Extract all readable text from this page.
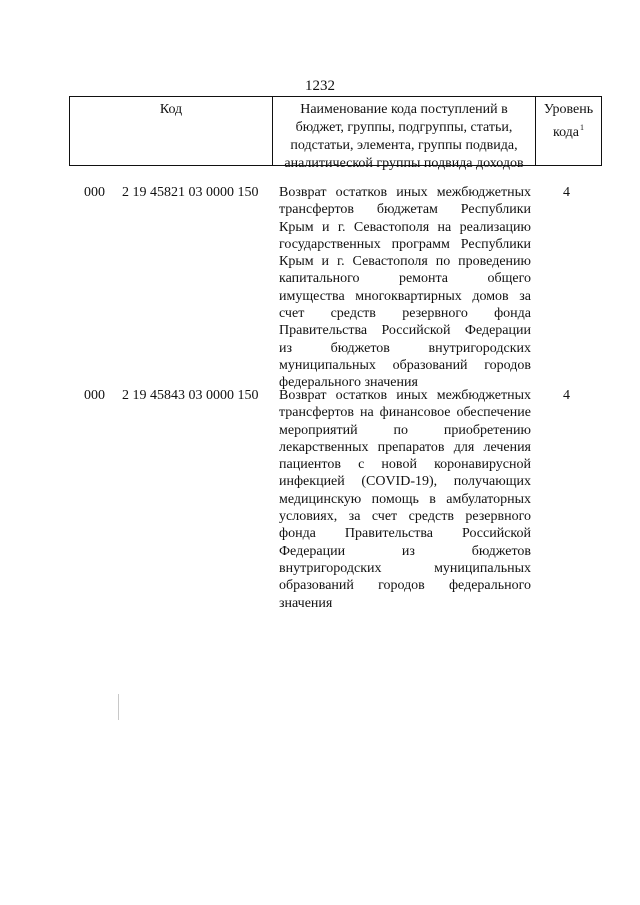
1232
Код	Наименование кода поступлений в
бюджет, группы, подгруппы, статьи,
подстатьи, элемента, группы подвида,
аналитической группы подвида доходов
Уровень
кода$^1$
000 2 19 45821 03 0000 150 Возврат остатков иных межбюджетных
трансфертов бюджетам Республики
Крым и г. Севастополя на реализацию
государственных программ Республики
Крым и г. Севастополя по проведению
капитального ремонта общего
имущества многоквартирных домов за
счет средств резервного фонда
Правительства Российской Федерации
из бюджетов внутригородских
муниципальных образований городов
федерального значения
4
000 2 19 45843 03 0000 150 Возврат остатков иных межбюджетных
трансфертов на финансовое обеспечение
мероприятий по приобретению
лекарственных препаратов для лечения
пациентов с новой коронавирусной
инфекцией (COVID-19), получающих
медицинскую помощь в амбулаторных
условиях, за счет средств резервного
фонда Правительства Российской
Федерации из бюджетов
внутригородских муниципальных
образований городов федерального
значения
4
